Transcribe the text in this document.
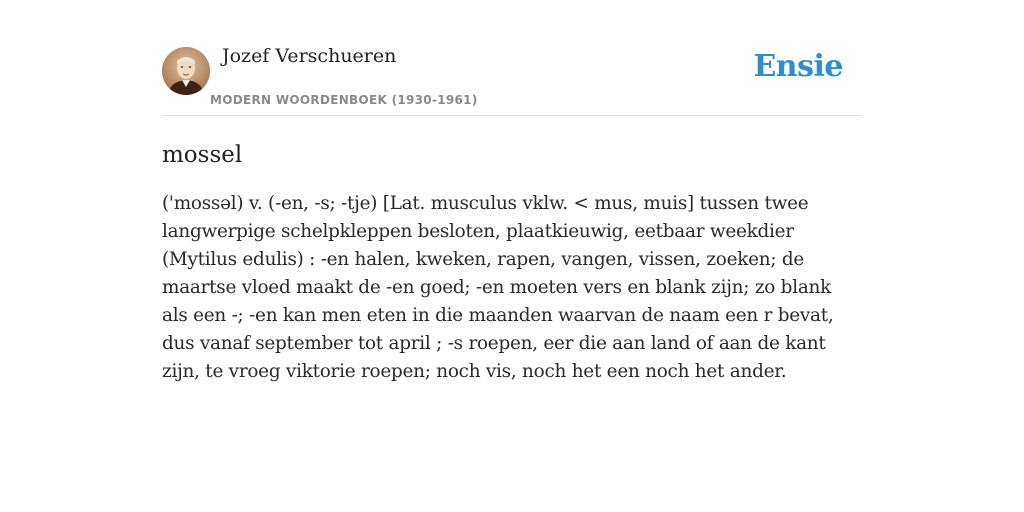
Jozef Verschueren
MODERN WOORDENBOEK (1930-1961)
Ensie
mossel
('mossəl) v. (-en, -s; -tje) [Lat. musculus vklw. < mus, muis] tussen twee langwerpige schelpkleppen besloten, plaatkieuwig, eetbaar weekdier (Mytilus edulis) : -en halen, kweken, rapen, vangen, vissen, zoeken; de maartse vloed maakt de -en goed; -en moeten vers en blank zijn; zo blank als een -; -en kan men eten in die maanden waarvan de naam een r bevat, dus vanaf september tot april ; -s roepen, eer die aan land of aan de kant zijn, te vroeg viktorie roepen; noch vis, noch het een noch het ander.
